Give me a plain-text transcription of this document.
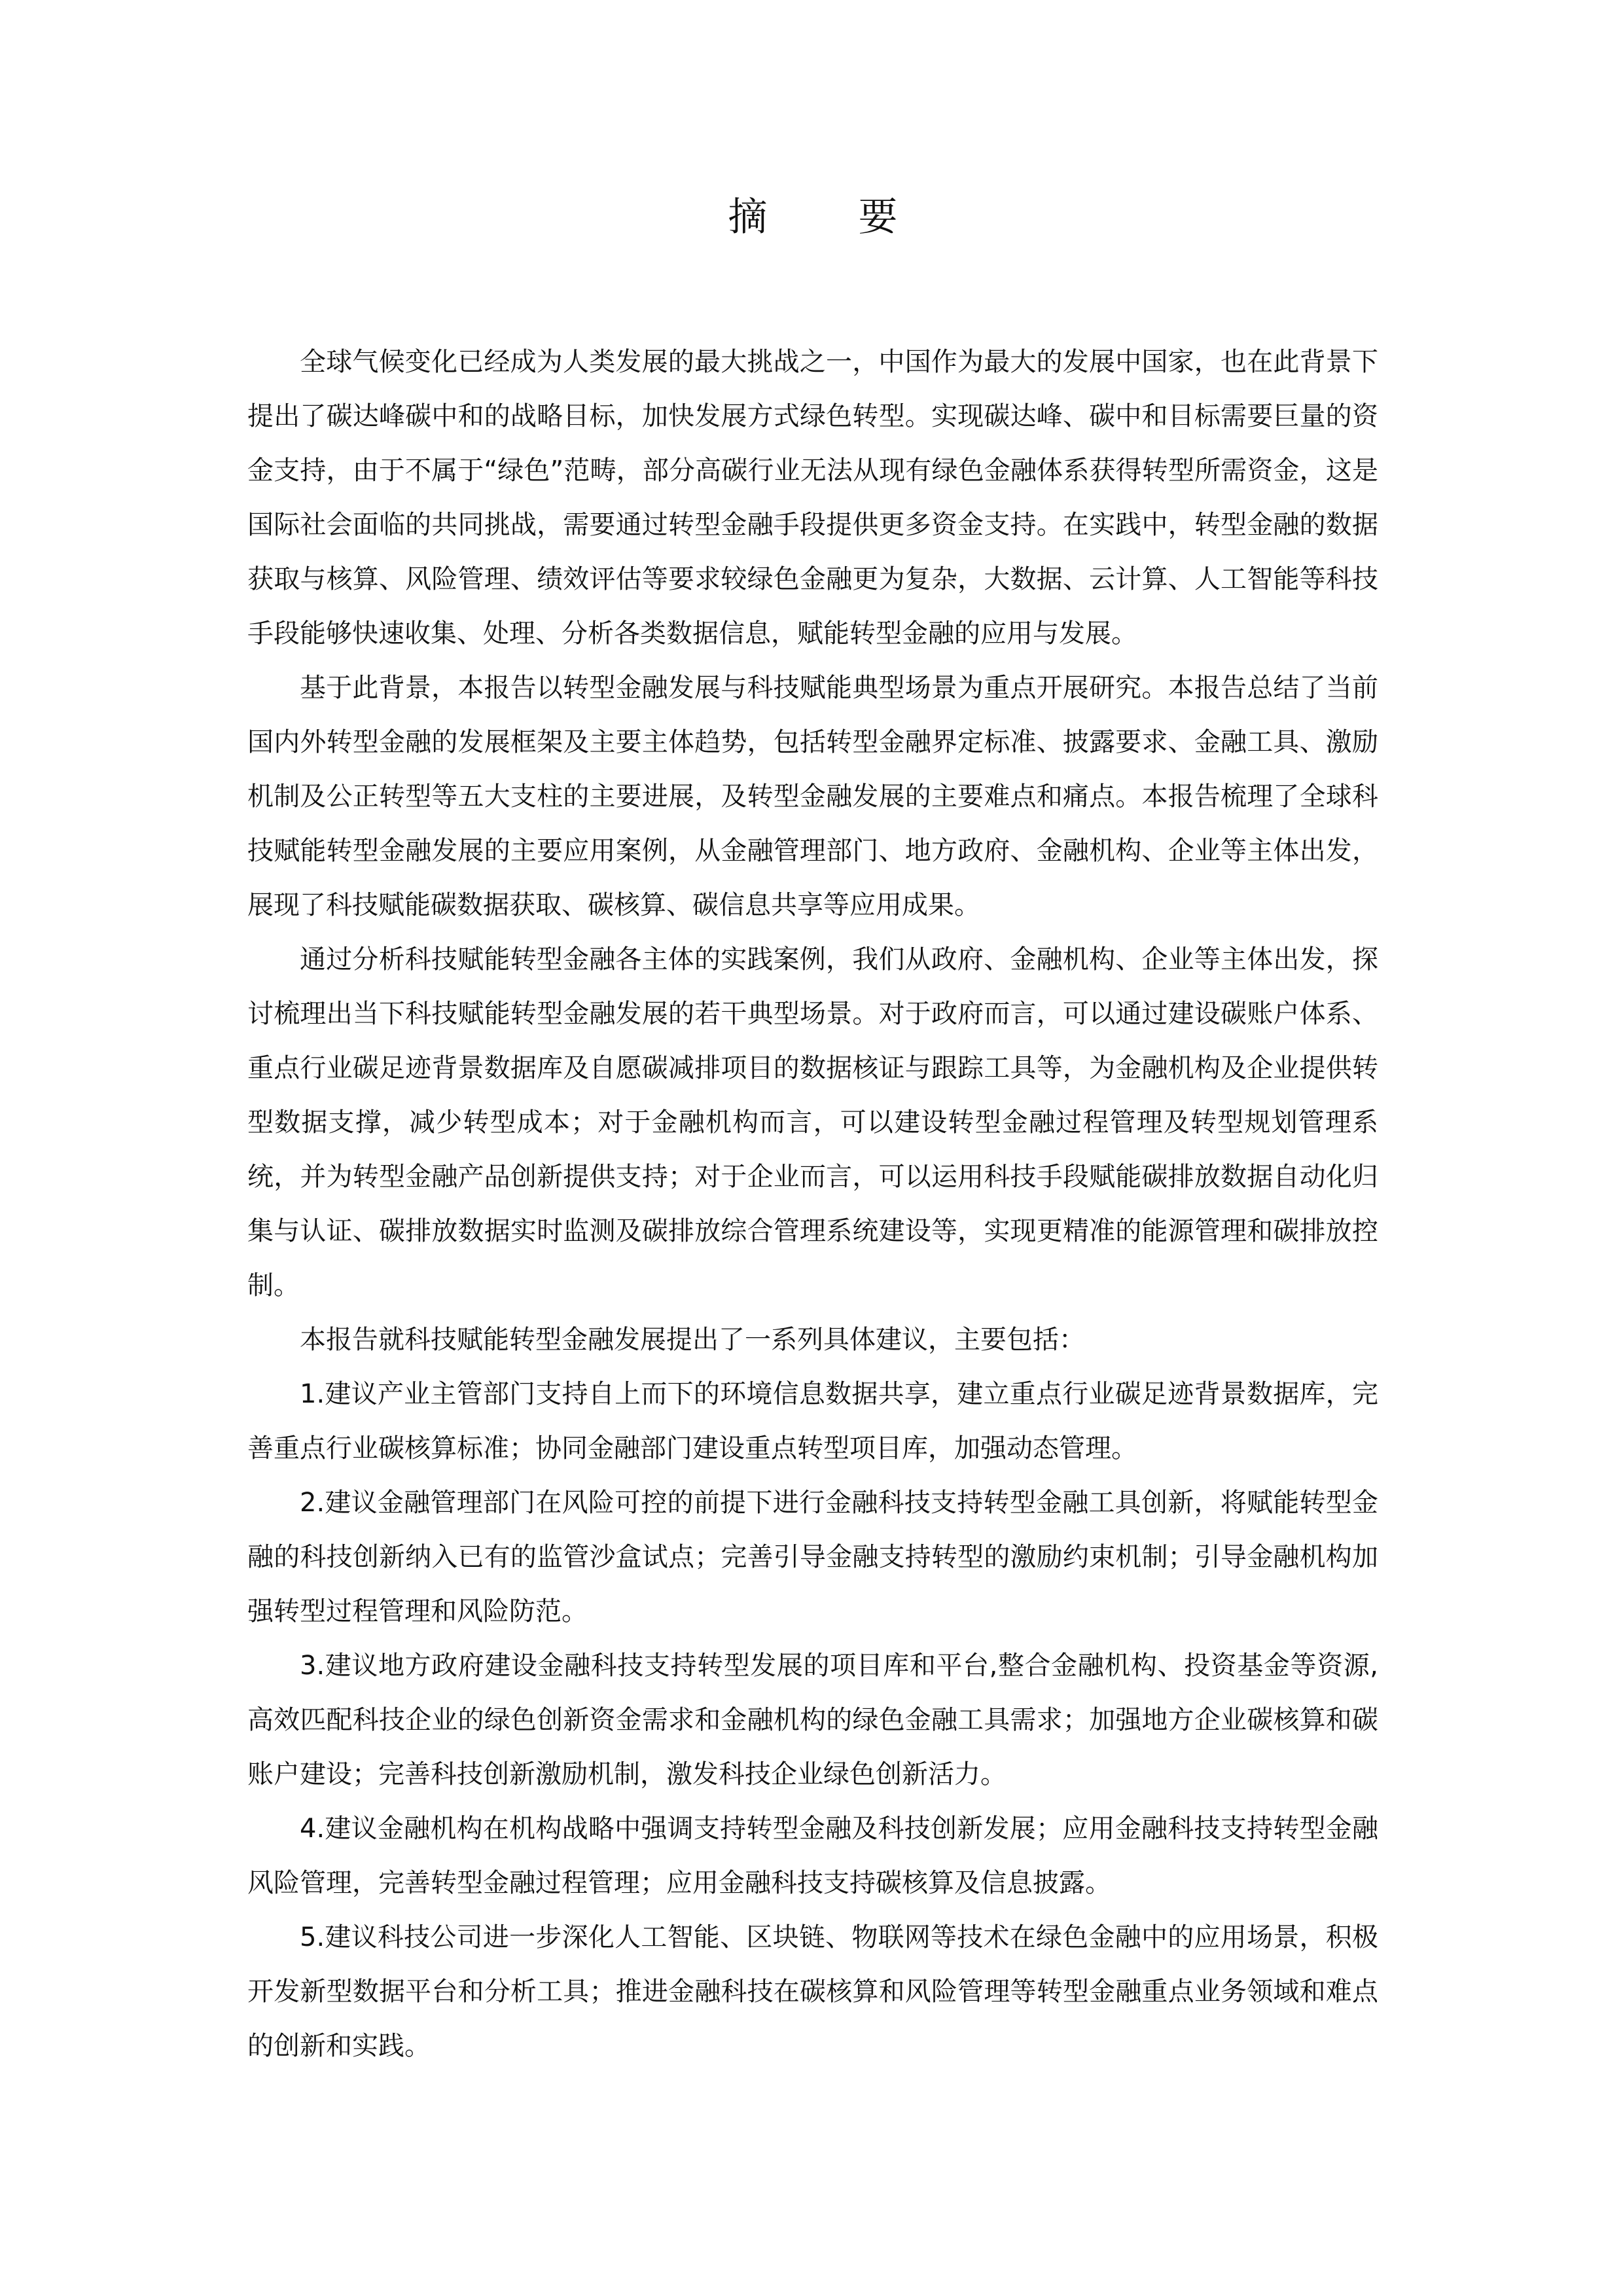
摘 要

全球气候变化已经成为人类发展的最大挑战之一，中国作为最大的发展中国家，也在此背景下提出了碳达峰碳中和的战略目标，加快发展方式绿色转型。实现碳达峰、碳中和目标需要巨量的资金支持，由于不属于“绿色”范畴，部分高碳行业无法从现有绿色金融体系获得转型所需资金，这是国际社会面临的共同挑战，需要通过转型金融手段提供更多资金支持。在实践中，转型金融的数据获取与核算、风险管理、绩效评估等要求较绿色金融更为复杂，大数据、云计算、人工智能等科技手段能够快速收集、处理、分析各类数据信息，赋能转型金融的应用与发展。

基于此背景，本报告以转型金融发展与科技赋能典型场景为重点开展研究。本报告总结了当前国内外转型金融的发展框架及主要主体趋势，包括转型金融界定标准、披露要求、金融工具、激励机制及公正转型等五大支柱的主要进展，及转型金融发展的主要难点和痛点。本报告梳理了全球科技赋能转型金融发展的主要应用案例，从金融管理部门、地方政府、金融机构、企业等主体出发，展现了科技赋能碳数据获取、碳核算、碳信息共享等应用成果。

通过分析科技赋能转型金融各主体的实践案例，我们从政府、金融机构、企业等主体出发，探讨梳理出当下科技赋能转型金融发展的若干典型场景。对于政府而言，可以通过建设碳账户体系、重点行业碳足迹背景数据库及自愿碳减排项目的数据核证与跟踪工具等，为金融机构及企业提供转型数据支撑，减少转型成本；对于金融机构而言，可以建设转型金融过程管理及转型规划管理系统，并为转型金融产品创新提供支持；对于企业而言，可以运用科技手段赋能碳排放数据自动化归集与认证、碳排放数据实时监测及碳排放综合管理系统建设等，实现更精准的能源管理和碳排放控制。

本报告就科技赋能转型金融发展提出了一系列具体建议，主要包括：

1.建议产业主管部门支持自上而下的环境信息数据共享，建立重点行业碳足迹背景数据库，完善重点行业碳核算标准；协同金融部门建设重点转型项目库，加强动态管理。

2.建议金融管理部门在风险可控的前提下进行金融科技支持转型金融工具创新，将赋能转型金融的科技创新纳入已有的监管沙盒试点；完善引导金融支持转型的激励约束机制；引导金融机构加强转型过程管理和风险防范。

3.建议地方政府建设金融科技支持转型发展的项目库和平台,整合金融机构、投资基金等资源,高效匹配科技企业的绿色创新资金需求和金融机构的绿色金融工具需求；加强地方企业碳核算和碳账户建设；完善科技创新激励机制，激发科技企业绿色创新活力。

4.建议金融机构在机构战略中强调支持转型金融及科技创新发展；应用金融科技支持转型金融风险管理，完善转型金融过程管理；应用金融科技支持碳核算及信息披露。

5.建议科技公司进一步深化人工智能、区块链、物联网等技术在绿色金融中的应用场景，积极开发新型数据平台和分析工具；推进金融科技在碳核算和风险管理等转型金融重点业务领域和难点的创新和实践。
